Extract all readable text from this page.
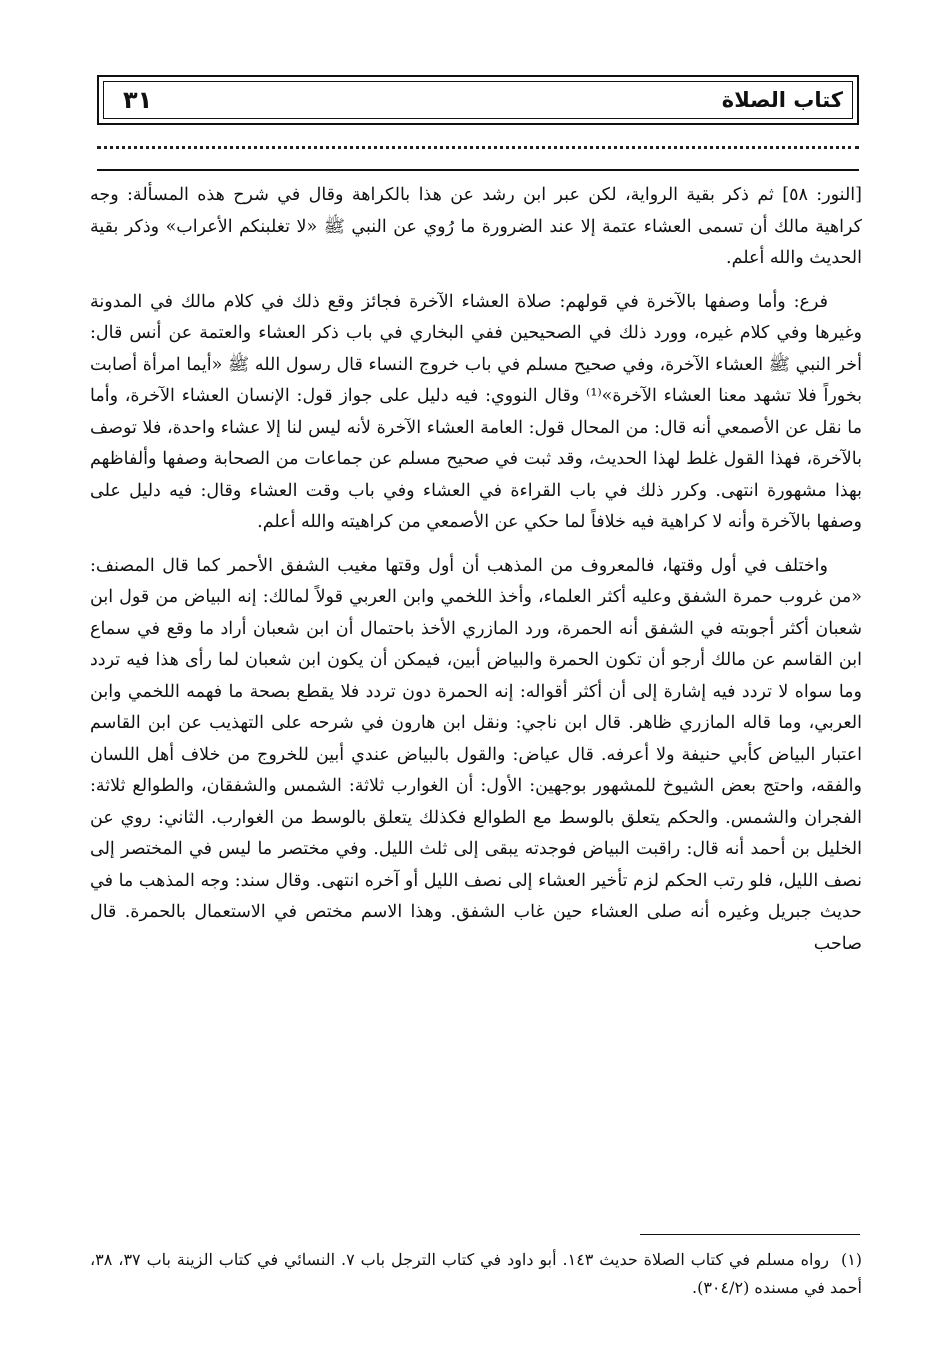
كتاب الصلاة
٣١

[النور: ٥٨] ثم ذكر بقية الرواية، لكن عبر ابن رشد عن هذا بالكراهة وقال في شرح هذه المسألة: وجه كراهية مالك أن تسمى العشاء عتمة إلا عند الضرورة ما رُوي عن النبي ﷺ «لا تغلبنكم الأعراب» وذكر بقية الحديث والله أعلم.

فرع: وأما وصفها بالآخرة في قولهم: صلاة العشاء الآخرة فجائز وقع ذلك في كلام مالك في المدونة وغيرها وفي كلام غيره، وورد ذلك في الصحيحين ففي البخاري في باب ذكر العشاء والعتمة عن أنس قال: أخر النبي ﷺ العشاء الآخرة، وفي صحيح مسلم في باب خروج النساء قال رسول الله ﷺ «أيما امرأة أصابت بخوراً فلا تشهد معنا العشاء الآخرة»⁽¹⁾ وقال النووي: فيه دليل على جواز قول: الإنسان العشاء الآخرة، وأما ما نقل عن الأصمعي أنه قال: من المحال قول: العامة العشاء الآخرة لأنه ليس لنا إلا عشاء واحدة، فلا توصف بالآخرة، فهذا القول غلط لهذا الحديث، وقد ثبت في صحيح مسلم عن جماعات من الصحابة وصفها وألفاظهم بهذا مشهورة انتهى. وكرر ذلك في باب القراءة في العشاء وفي باب وقت العشاء وقال: فيه دليل على وصفها بالآخرة وأنه لا كراهية فيه خلافاً لما حكي عن الأصمعي من كراهيته والله أعلم.

واختلف في أول وقتها، فالمعروف من المذهب أن أول وقتها مغيب الشفق الأحمر كما قال المصنف: «من غروب حمرة الشفق وعليه أكثر العلماء، وأخذ اللخمي وابن العربي قولاً لمالك: إنه البياض من قول ابن شعبان أكثر أجوبته في الشفق أنه الحمرة، ورد المازري الأخذ باحتمال أن ابن شعبان أراد ما وقع في سماع ابن القاسم عن مالك أرجو أن تكون الحمرة والبياض أبين، فيمكن أن يكون ابن شعبان لما رأى هذا فيه تردد وما سواه لا تردد فيه إشارة إلى أن أكثر أقواله: إنه الحمرة دون تردد فلا يقطع بصحة ما فهمه اللخمي وابن العربي، وما قاله المازري ظاهر. قال ابن ناجي: ونقل ابن هارون في شرحه على التهذيب عن ابن القاسم اعتبار البياض كأبي حنيفة ولا أعرفه. قال عياض: والقول بالبياض عندي أبين للخروج من خلاف أهل اللسان والفقه، واحتج بعض الشيوخ للمشهور بوجهين: الأول: أن الغوارب ثلاثة: الشمس والشفقان، والطوالع ثلاثة: الفجران والشمس. والحكم يتعلق بالوسط مع الطوالع فكذلك يتعلق بالوسط من الغوارب. الثاني: روي عن الخليل بن أحمد أنه قال: راقبت البياض فوجدته يبقى إلى ثلث الليل. وفي مختصر ما ليس في المختصر إلى نصف الليل، فلو رتب الحكم لزم تأخير العشاء إلى نصف الليل أو آخره انتهى. وقال سند: وجه المذهب ما في حديث جبريل وغيره أنه صلى العشاء حين غاب الشفق. وهذا الاسم مختص في الاستعمال بالحمرة. قال صاحب

(١)رواه مسلم في كتاب الصلاة حديث ١٤٣. أبو داود في كتاب الترجل باب ٧. النسائي في كتاب الزينة باب ٣٧، ٣٨، أحمد في مسنده (٣٠٤/٢).
